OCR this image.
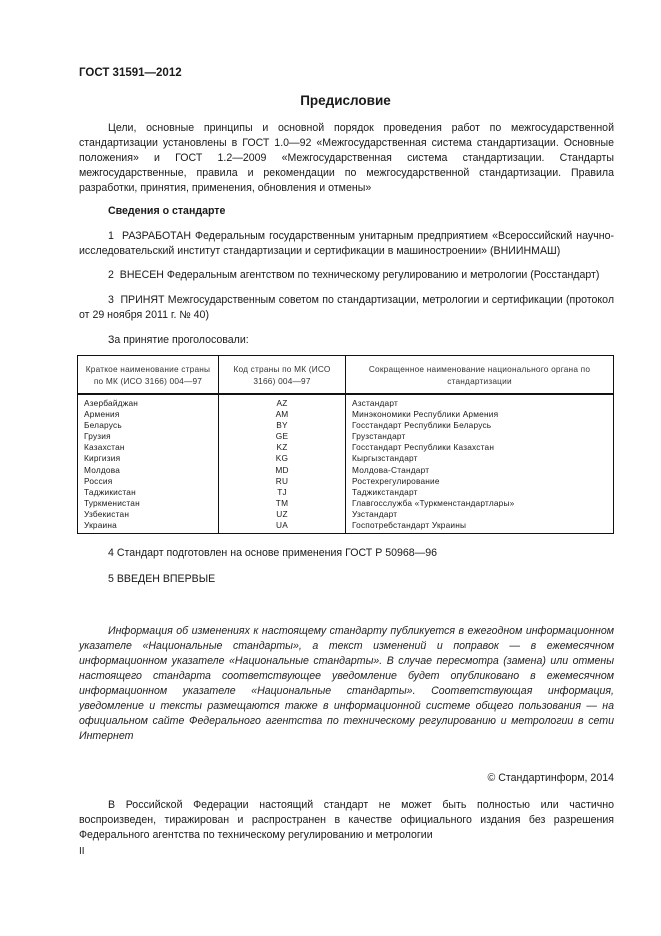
ГОСТ 31591—2012
Предисловие
Цели, основные принципы и основной порядок проведения работ по межгосударственной стандартизации установлены в ГОСТ 1.0—92 «Межгосударственная система стандартизации. Основные положения» и ГОСТ 1.2—2009 «Межгосударственная система стандартизации. Стандарты межгосударственные, правила и рекомендации по межгосударственной стандартизации. Правила разработки, принятия, применения, обновления и отмены»
Сведения о стандарте
1 РАЗРАБОТАН Федеральным государственным унитарным предприятием «Всероссийский научно-исследовательский институт стандартизации и сертификации в машиностроении» (ВНИИНМАШ)
2 ВНЕСЕН Федеральным агентством по техническому регулированию и метрологии (Росстандарт)
3 ПРИНЯТ Межгосударственным советом по стандартизации, метрологии и сертификации (протокол от 29 ноября 2011 г. № 40)
За принятие проголосовали:
Краткое наименование страны по МК (ИСО 3166) 004—97	Код страны по МК (ИСО 3166) 004—97	Сокращенное наименование национального органа по стандартизации
Азербайджан	AZ	Азстандарт
Армения	AM	Минэкономики Республики Армения
Беларусь	BY	Госстандарт Республики Беларусь
Грузия	GE	Грузстандарт
Казахстан	KZ	Госстандарт Республики Казахстан
Киргизия	KG	Кыргызстандарт
Молдова	MD	Молдова-Стандарт
Россия	RU	Ростехрегулирование
Таджикистан	TJ	Таджикстандарт
Туркменистан	TM	Главгосслужба «Туркменстандартлары»
Узбекистан	UZ	Узстандарт
Украина	UA	Госпотребстандарт Украины
4 Стандарт подготовлен на основе применения ГОСТ Р 50968—96
5 ВВЕДЕН ВПЕРВЫЕ
Информация об изменениях к настоящему стандарту публикуется в ежегодном информационном указателе «Национальные стандарты», а текст изменений и поправок — в ежемесячном информационном указателе «Национальные стандарты». В случае пересмотра (замена) или отмены настоящего стандарта соответствующее уведомление будет опубликовано в ежемесячном информационном указателе «Национальные стандарты». Соответствующая информация, уведомление и тексты размещаются также в информационной системе общего пользования — на официальном сайте Федерального агентства по техническому регулированию и метрологии в сети Интернет
© Стандартинформ, 2014
В Российской Федерации настоящий стандарт не может быть полностью или частично воспроизведен, тиражирован и распространен в качестве официального издания без разрешения Федерального агентства по техническому регулированию и метрологии
II
